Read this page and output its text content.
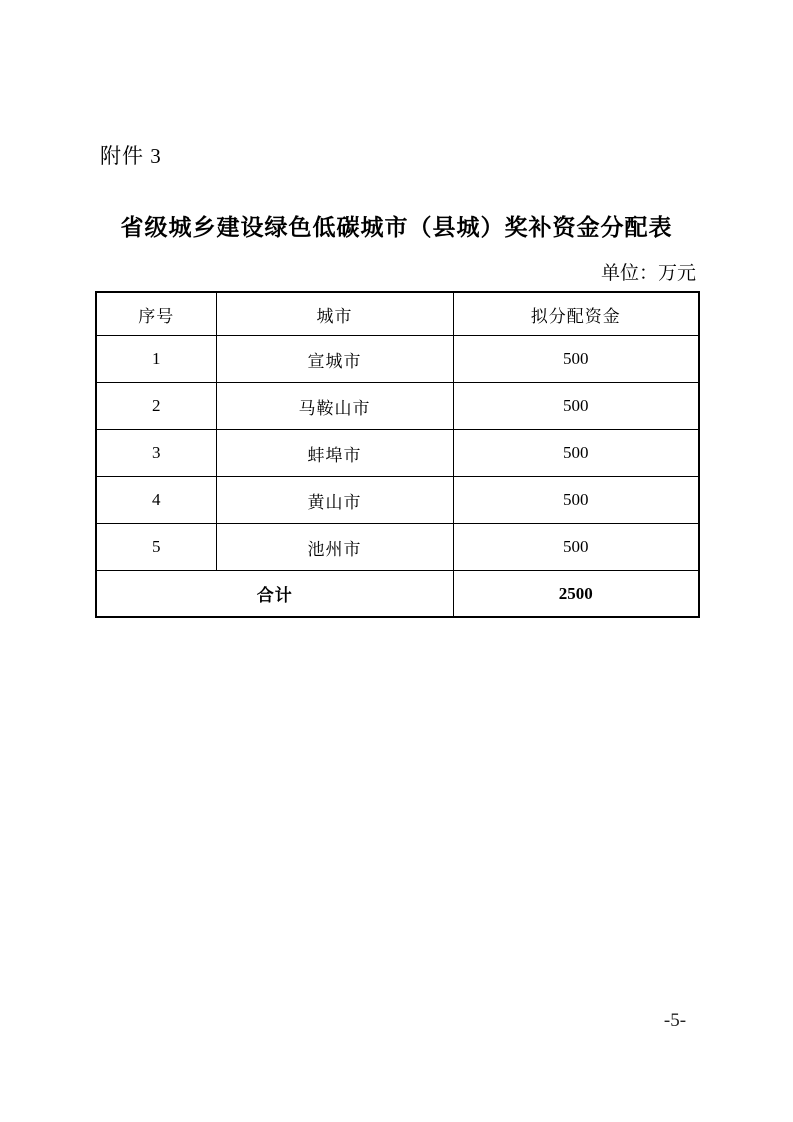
附件 3
省级城乡建设绿色低碳城市（县城）奖补资金分配表
单位：万元
序号	城市	拟分配资金
1	宣城市	500
2	马鞍山市	500
3	蚌埠市	500
4	黄山市	500
5	池州市	500
合计		2500
-5-
